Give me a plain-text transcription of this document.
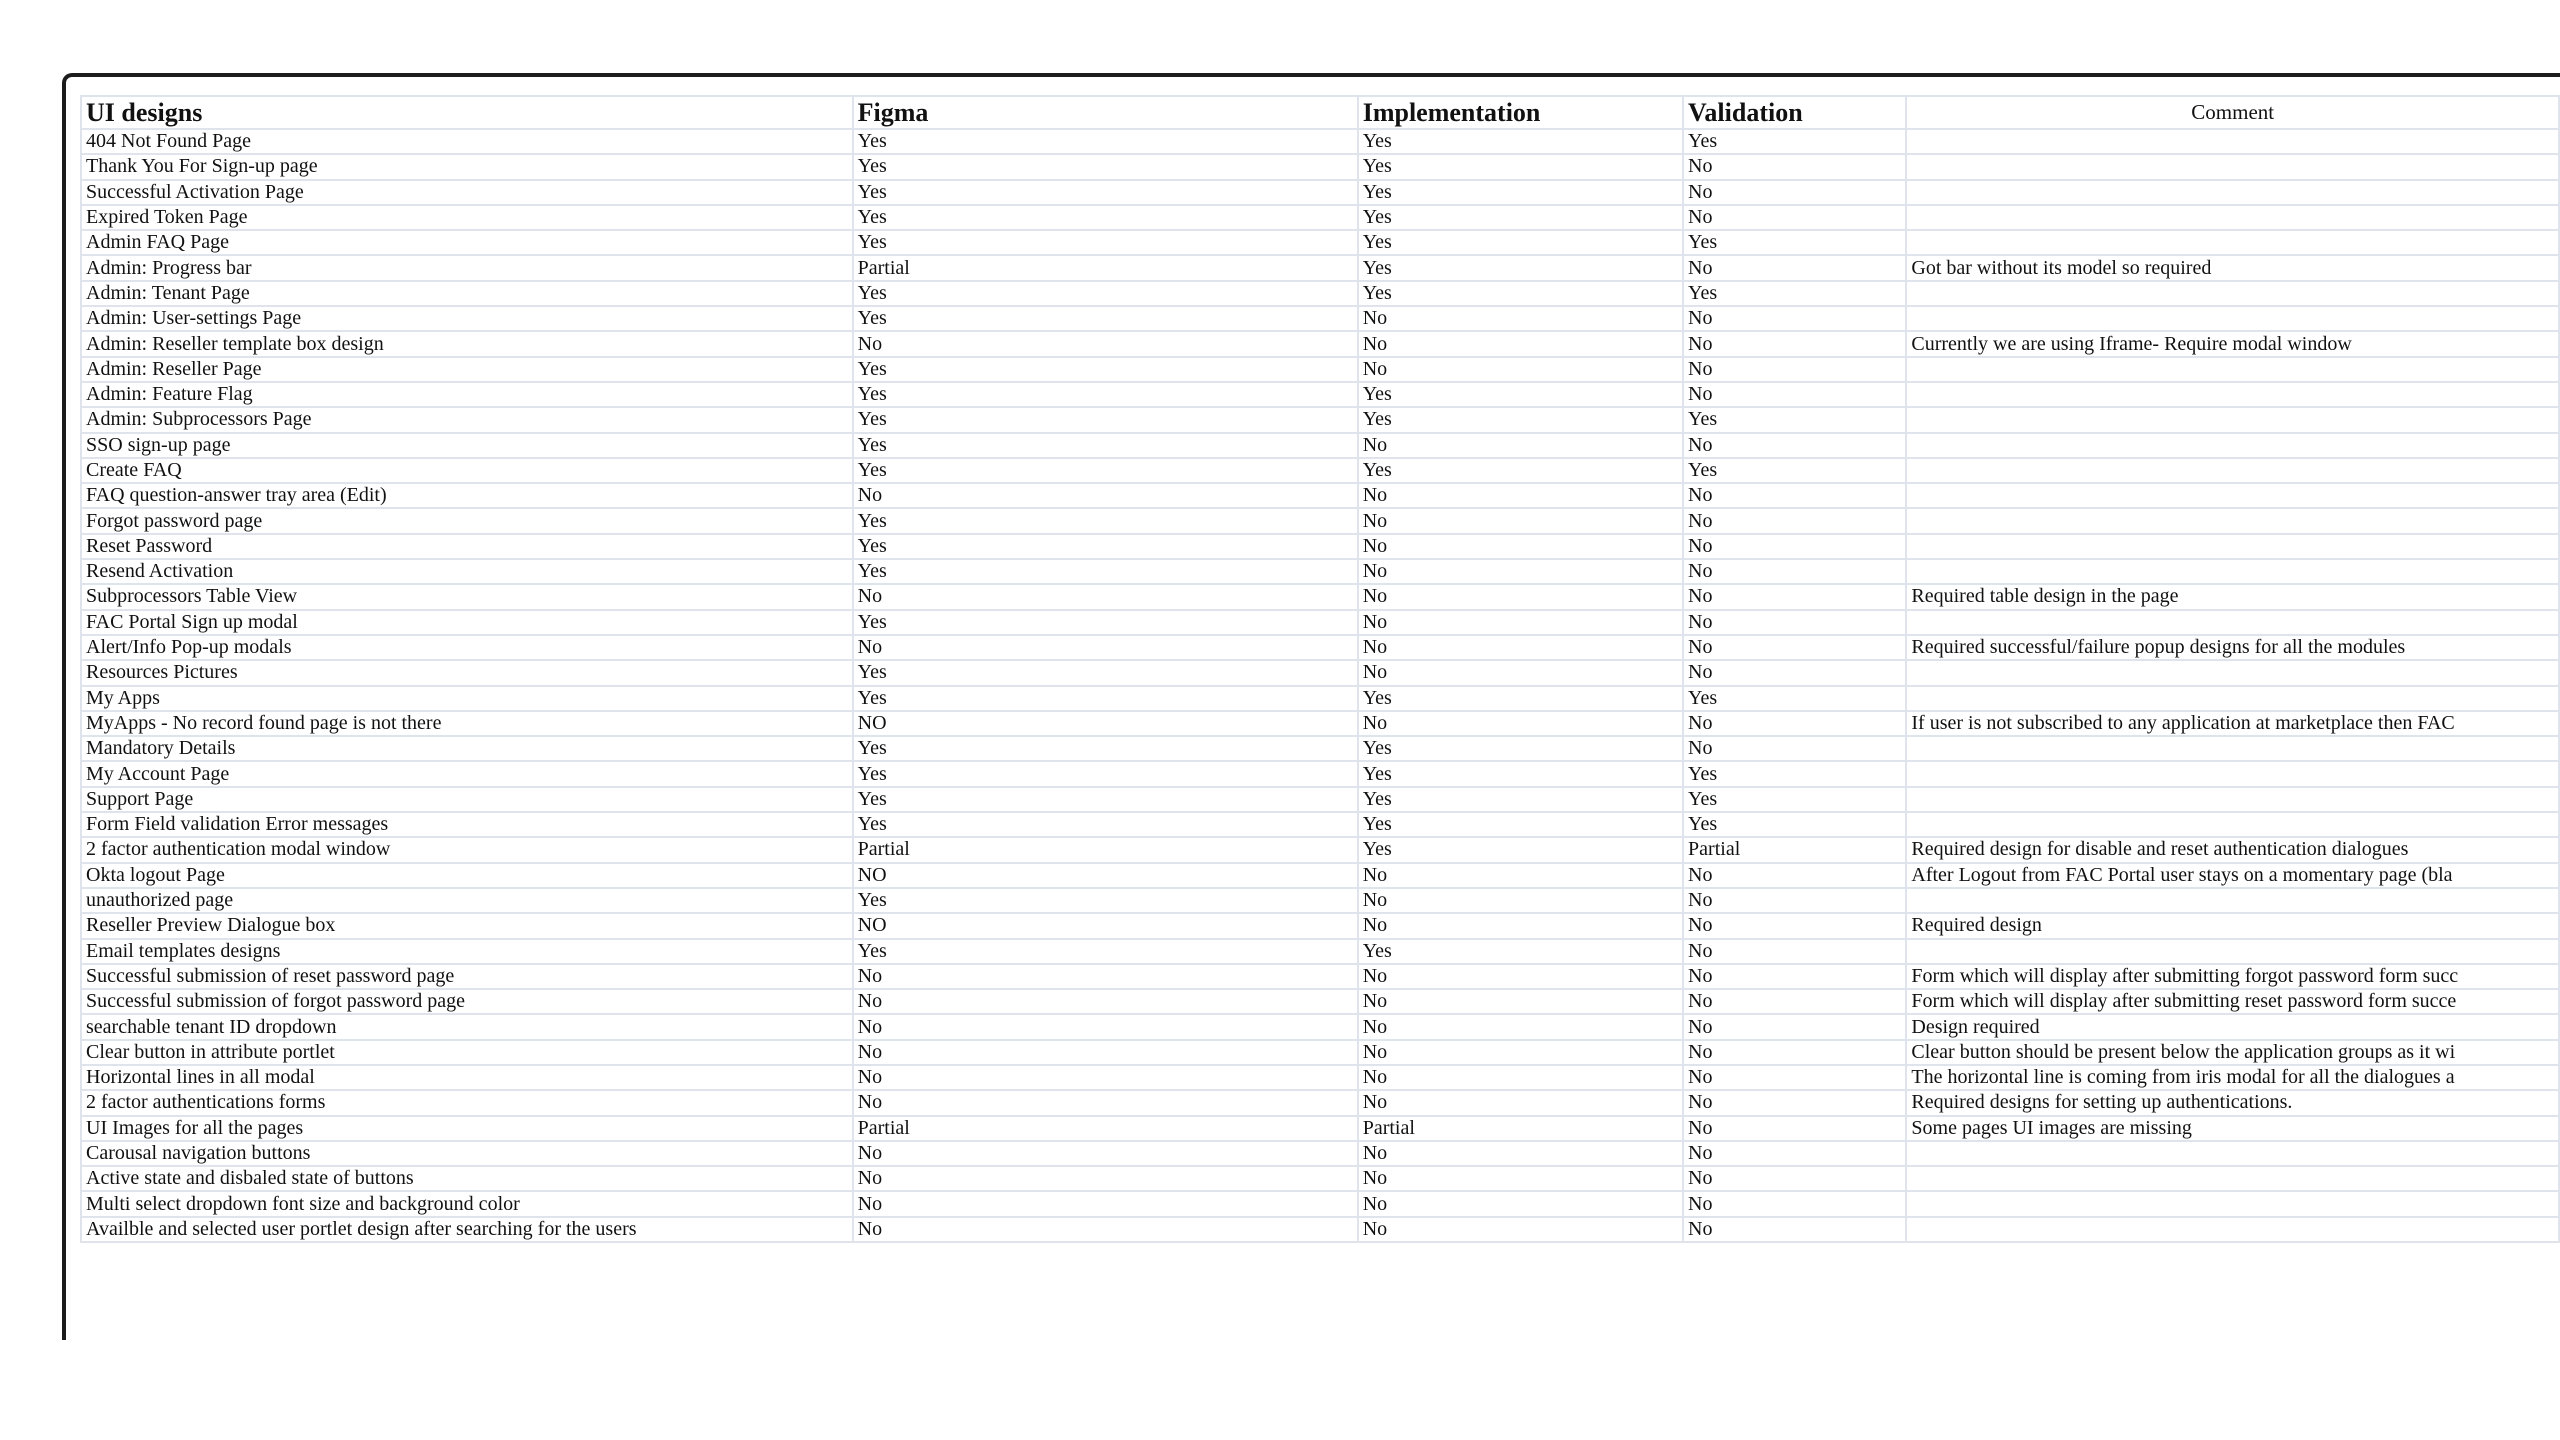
UI designs	Figma	Implementation	Validation	Comment
404 Not Found Page	Yes	Yes	Yes	
Thank You For Sign-up page	Yes	Yes	No	
Successful Activation Page	Yes	Yes	No	
Expired Token Page	Yes	Yes	No	
Admin FAQ Page	Yes	Yes	Yes	
Admin: Progress bar	Partial	Yes	No	Got bar without its model so required
Admin: Tenant Page	Yes	Yes	Yes	
Admin: User-settings Page	Yes	No	No	
Admin: Reseller template box design	No	No	No	Currently we are using Iframe- Require modal window
Admin: Reseller Page	Yes	No	No	
Admin: Feature Flag	Yes	Yes	No	
Admin: Subprocessors Page	Yes	Yes	Yes	
SSO sign-up page	Yes	No	No	
Create FAQ	Yes	Yes	Yes	
FAQ question-answer tray area (Edit)	No	No	No	
Forgot password page	Yes	No	No	
Reset Password	Yes	No	No	
Resend Activation	Yes	No	No	
Subprocessors Table View	No	No	No	Required table design in the page
FAC Portal Sign up modal	Yes	No	No	
Alert/Info Pop-up modals	No	No	No	Required successful/failure popup designs for all the modules
Resources Pictures	Yes	No	No	
My Apps	Yes	Yes	Yes	
MyApps - No record found page is not there	NO	No	No	If user is not subscribed to any application at marketplace then FAC
Mandatory Details	Yes	Yes	No	
My Account Page	Yes	Yes	Yes	
Support Page	Yes	Yes	Yes	
Form Field validation Error messages	Yes	Yes	Yes	
2 factor authentication modal window	Partial	Yes	Partial	Required design for disable and reset authentication dialogues
Okta logout Page	NO	No	No	After Logout from FAC Portal user stays on a momentary page (bla
unauthorized page	Yes	No	No	
Reseller Preview Dialogue box	NO	No	No	Required design
Email templates designs	Yes	Yes	No	
Successful submission of reset password page	No	No	No	Form which will display after submitting forgot password form succ
Successful submission of forgot password page	No	No	No	Form which will display after submitting reset password form succe
searchable tenant ID dropdown	No	No	No	Design required
Clear button in attribute portlet	No	No	No	Clear button should be present below the application groups as it wi
Horizontal lines in all modal	No	No	No	The horizontal line is coming from iris modal for all the dialogues a
2 factor authentications forms	No	No	No	Required designs for setting up authentications.
UI Images for all the pages	Partial	Partial	No	Some pages UI images are missing
Carousal navigation buttons	No	No	No	
Active state and disbaled state of buttons	No	No	No	
Multi select dropdown font size and background color	No	No	No	
Availble and selected user portlet design after searching for the users	No	No	No	
